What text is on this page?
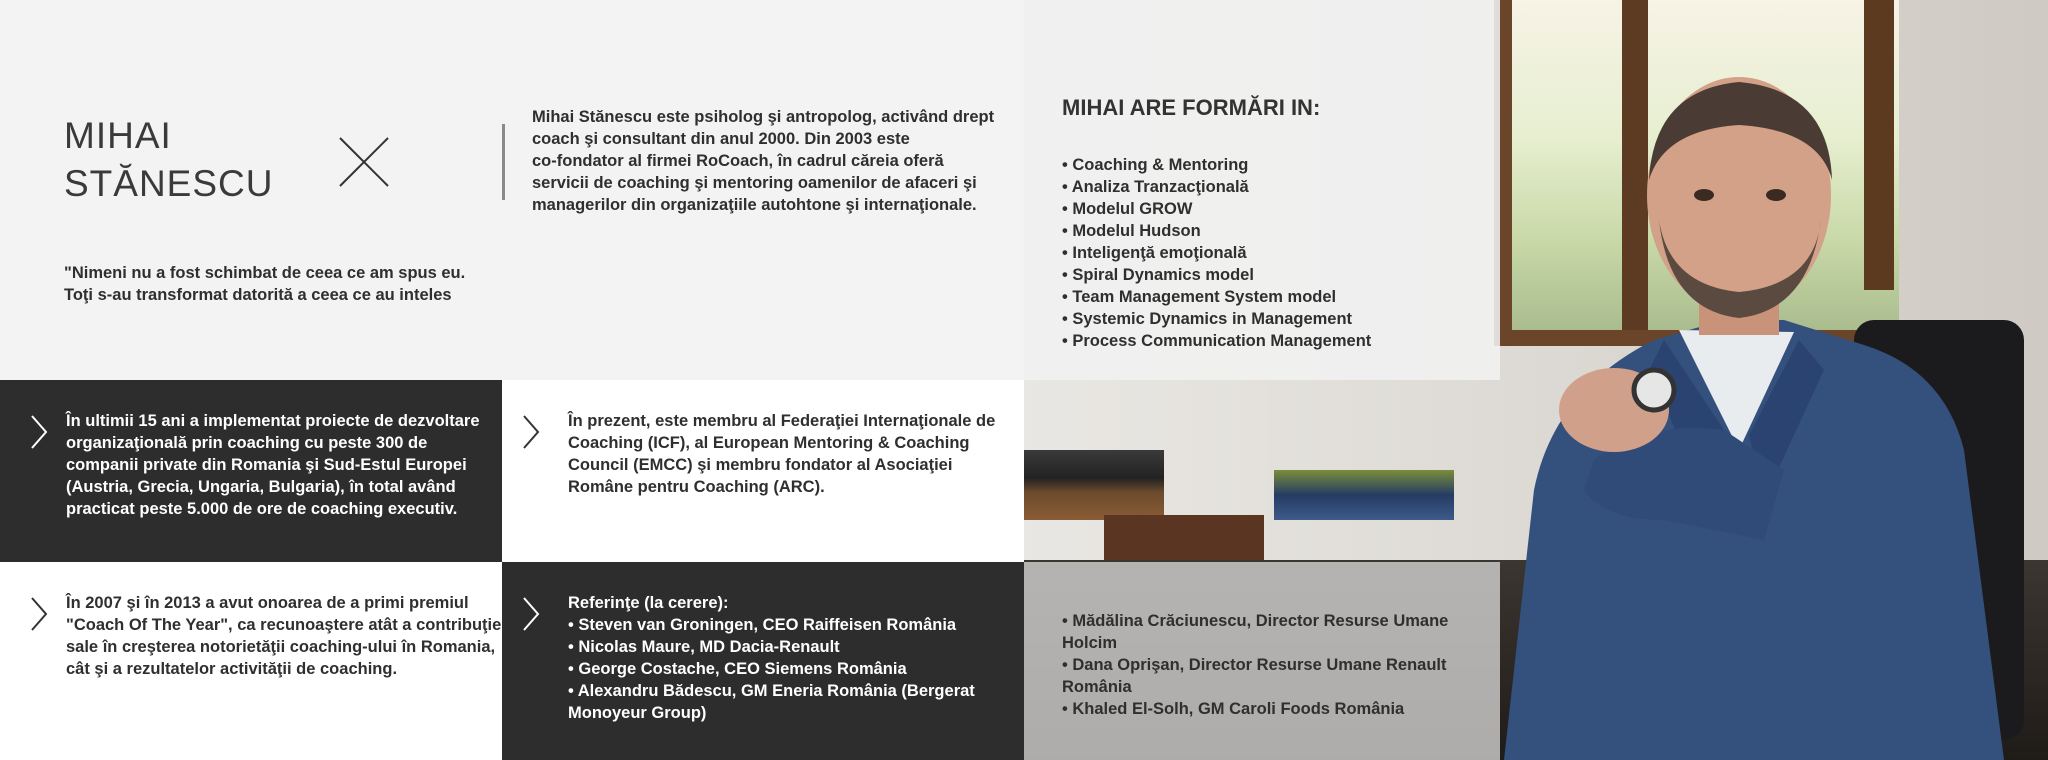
MIHAI
STĂNESCU
Mihai Stănescu este psiholog şi antropolog, activând drept
coach şi consultant din anul 2000. Din 2003 este
co-fondator al firmei RoCoach, în cadrul căreia oferă
servicii de coaching şi mentoring oamenilor de afaceri şi
managerilor din organizaţiile autohtone şi internaţionale.
"Nimeni nu a fost schimbat de ceea ce am spus eu.
Toţi s-au transformat datorită a ceea ce au inteles
MIHAI ARE FORMĂRI IN:
• Coaching & Mentoring
• Analiza Tranzacţională
• Modelul GROW
• Modelul Hudson
• Inteligenţă emoţională
• Spiral Dynamics model
• Team Management System model
• Systemic Dynamics in Management
• Process Communication Management
În ultimii 15 ani a implementat proiecte de dezvoltare
organizaţională prin coaching cu peste 300 de
companii private din Romania şi Sud-Estul Europei
(Austria, Grecia, Ungaria, Bulgaria), în total având
practicat peste 5.000 de ore de coaching executiv.
În prezent, este membru al Federaţiei Internaţionale de
Coaching (ICF), al European Mentoring & Coaching
Council (EMCC) şi membru fondator al Asociaţiei
Române pentru Coaching (ARC).
În 2007 şi în 2013 a avut onoarea de a primi premiul
"Coach Of The Year", ca recunoaştere atât a contribuţiei
sale în creşterea notorietăţii coaching-ului în Romania,
cât şi a rezultatelor activităţii de coaching.
Referinţe (la cerere):
• Steven van Groningen, CEO Raiffeisen România
• Nicolas Maure, MD Dacia-Renault
• George Costache, CEO Siemens România
• Alexandru Bădescu, GM Eneria România (Bergerat
Monoyeur Group)
• Mădălina Crăciunescu, Director Resurse Umane
Holcim
• Dana Oprişan, Director Resurse Umane Renault
România
• Khaled El-Solh, GM Caroli Foods România
